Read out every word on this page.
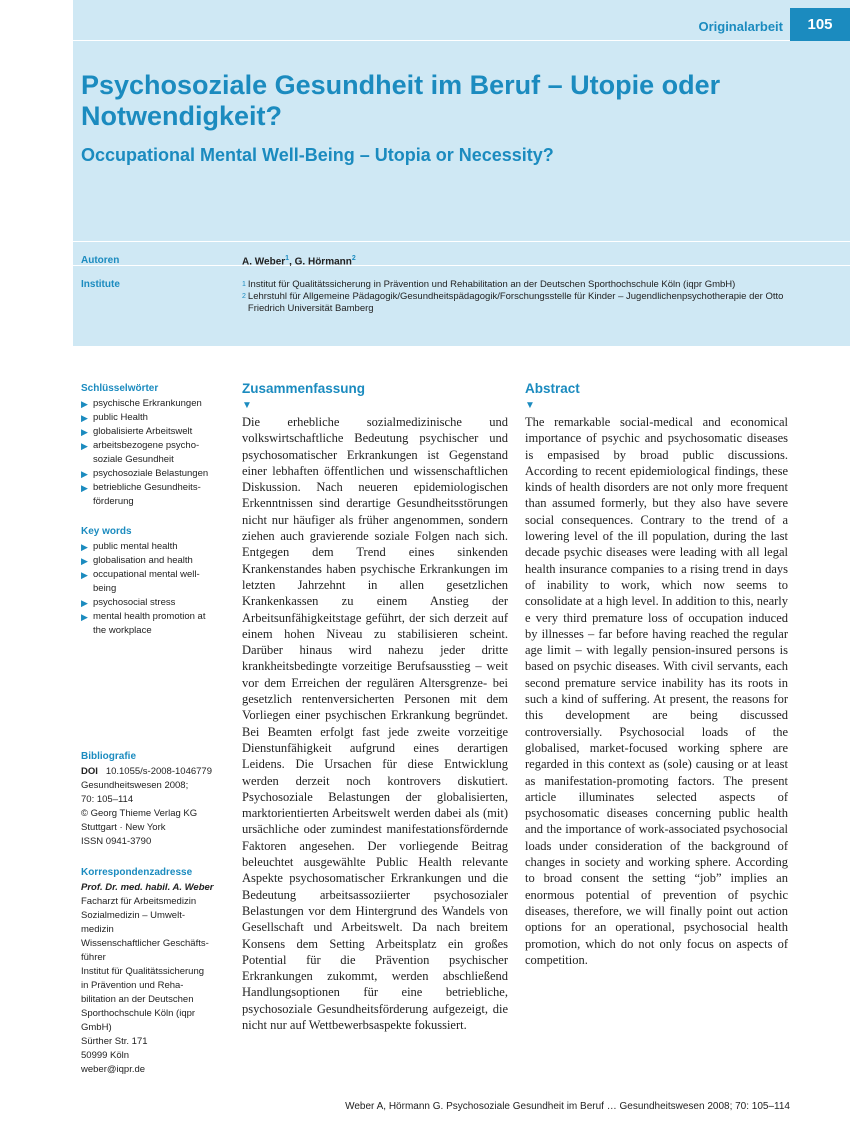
Originalarbeit	105
Psychosoziale Gesundheit im Beruf – Utopie oder Notwendigkeit?
Occupational Mental Well-Being – Utopia or Necessity?
Autoren	A. Weber$^1$, G. Hörmann$^2$
Institute	1 Institut für Qualitätssicherung in Prävention und Rehabilitation an der Deutschen Sporthochschule Köln (iqpr GmbH)
2 Lehrstuhl für Allgemeine Pädagogik/Gesundheitspädagogik/Forschungsstelle für Kinder – Jugendlichenpsychotherapie der Otto Friedrich Universität Bamberg
Schlüsselwörter
▶ psychische Erkrankungen
▶ public Health
▶ globalisierte Arbeitswelt
▶ arbeitsbezogene psycho-soziale Gesundheit
▶ psychosoziale Belastungen
▶ betriebliche Gesundheits-förderung
Key words
▶ public mental health
▶ globalisation and health
▶ occupational mental well-being
▶ psychosocial stress
▶ mental health promotion at the workplace
Bibliografie
DOI 10.1055/s-2008-1046779
Gesundheitswesen 2008;
70: 105–114
© Georg Thieme Verlag KG
Stuttgart · New York
ISSN 0941-3790
Korrespondenzadresse
Prof. Dr. med. habil. A. Weber
Facharzt für Arbeitsmedizin
Sozialmedizin – Umwelt-
medizin
Wissenschaftlicher Geschäfts-
führer
Institut für Qualitätssicherung
in Prävention und Reha-
bilitation an der Deutschen
Sporthochschule Köln (iqpr
GmbH)
Sürther Str. 171
50999 Köln
weber@iqpr.de
Zusammenfassung
▼
Die erhebliche sozialmedizinische und volkswirtschaftliche Bedeutung psychischer und psychosomatischer Erkrankungen ist Gegenstand einer lebhaften öffentlichen und wissenschaftlichen Diskussion. Nach neueren epidemiologischen Erkenntnissen sind derartige Gesundheitsstörungen nicht nur häufiger als früher angenommen, sondern ziehen auch gravierende soziale Folgen nach sich. Entgegen dem Trend eines sinkenden Krankenstandes haben psychische Erkrankungen im letzten Jahrzehnt in allen gesetzlichen Krankenkassen zu einem Anstieg der Arbeitsunfähigkeitstage geführt, der sich derzeit auf einem hohen Niveau zu stabilisieren scheint. Darüber hinaus wird nahezu jeder dritte krankheitsbedingte vorzeitige Berufsausstieg – weit vor dem Erreichen der regulären Altersgrenze- bei gesetzlich rentenversicherten Personen mit dem Vorliegen einer psychischen Erkrankung begründet. Bei Beamten erfolgt fast jede zweite vorzeitige Dienstunfähigkeit aufgrund eines derartigen Leidens. Die Ursachen für diese Entwicklung werden derzeit noch kontrovers diskutiert. Psychosoziale Belastungen der globalisierten, marktorientierten Arbeitswelt werden dabei als (mit) ursächliche oder zumindest manifestationsfördernde Faktoren angesehen. Der vorliegende Beitrag beleuchtet ausgewählte Public Health relevante Aspekte psychosomatischer Erkrankungen und die Bedeutung arbeitsassoziierter psychosozialer Belastungen vor dem Hintergrund des Wandels von Gesellschaft und Arbeitswelt. Da nach breitem Konsens dem Setting Arbeitsplatz ein großes Potential für die Prävention psychischer Erkrankungen zukommt, werden abschließend Handlungsoptionen für eine betriebliche, psychosoziale Gesundheitsförderung aufgezeigt, die nicht nur auf Wettbewerbsaspekte fokussiert.
Abstract
▼
The remarkable social-medical and economical importance of psychic and psychosomatic diseases is empasised by broad public discussions. According to recent epidemiological findings, these kinds of health disorders are not only more frequent than assumed formerly, but they also have severe social consequences. Contrary to the trend of a lowering level of the ill population, during the last decade psychic diseases were leading with all legal health insurance companies to a rising trend in days of inability to work, which now seems to consolidate at a high level. In addition to this, nearly e very third premature loss of occupation induced by illnesses – far before having reached the regular age limit – with legally pension-insured persons is based on psychic diseases. With civil servants, each second premature service inability has its roots in such a kind of suffering. At present, the reasons for this development are being discussed controversially. Psychosocial loads of the globalised, market-focused working sphere are regarded in this context as (sole) causing or at least as manifestation-promoting factors. The present article illuminates selected aspects of psychosomatic diseases concerning public health and the importance of work-associated psychosocial loads under consideration of the background of changes in society and working sphere. According to broad consent the setting “job” implies an enormous potential of prevention of psychic diseases, therefore, we will finally point out action options for an operational, psychosocial health promotion, which do not only focus on aspects of competition.
Weber A, Hörmann G. Psychosoziale Gesundheit im Beruf … Gesundheitswesen 2008; 70: 105–114
